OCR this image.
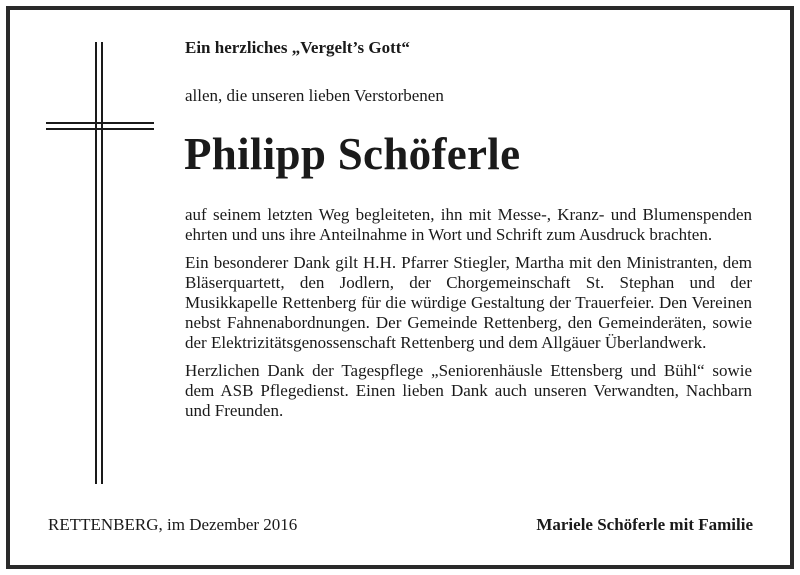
Ein herzliches „Vergelt’s Gott“
allen, die unseren lieben Verstorbenen
Philipp Schöferle

auf seinem letzten Weg begleiteten, ihn mit Messe-, Kranz- und Blumenspenden ehrten und uns ihre Anteilnahme in Wort und Schrift zum Ausdruck brachten.

Ein besonderer Dank gilt H.H. Pfarrer Stiegler, Martha mit den Ministranten, dem Bläserquartett, den Jodlern, der Chorgemeinschaft St. Stephan und der Musikkapelle Rettenberg für die würdige Gestaltung der Trauerfeier. Den Vereinen nebst Fahnenabordnungen. Der Gemeinde Rettenberg, den Gemeinderäten, sowie der Elektrizitätsgenossenschaft Rettenberg und dem Allgäuer Überlandwerk.

Herzlichen Dank der Tagespflege „Seniorenhäusle Ettensberg und Bühl“ sowie dem ASB Pflegedienst. Einen lieben Dank auch unseren Verwandten, Nachbarn und Freunden.

RETTENBERG, im Dezember 2016	Mariele Schöferle mit Familie
